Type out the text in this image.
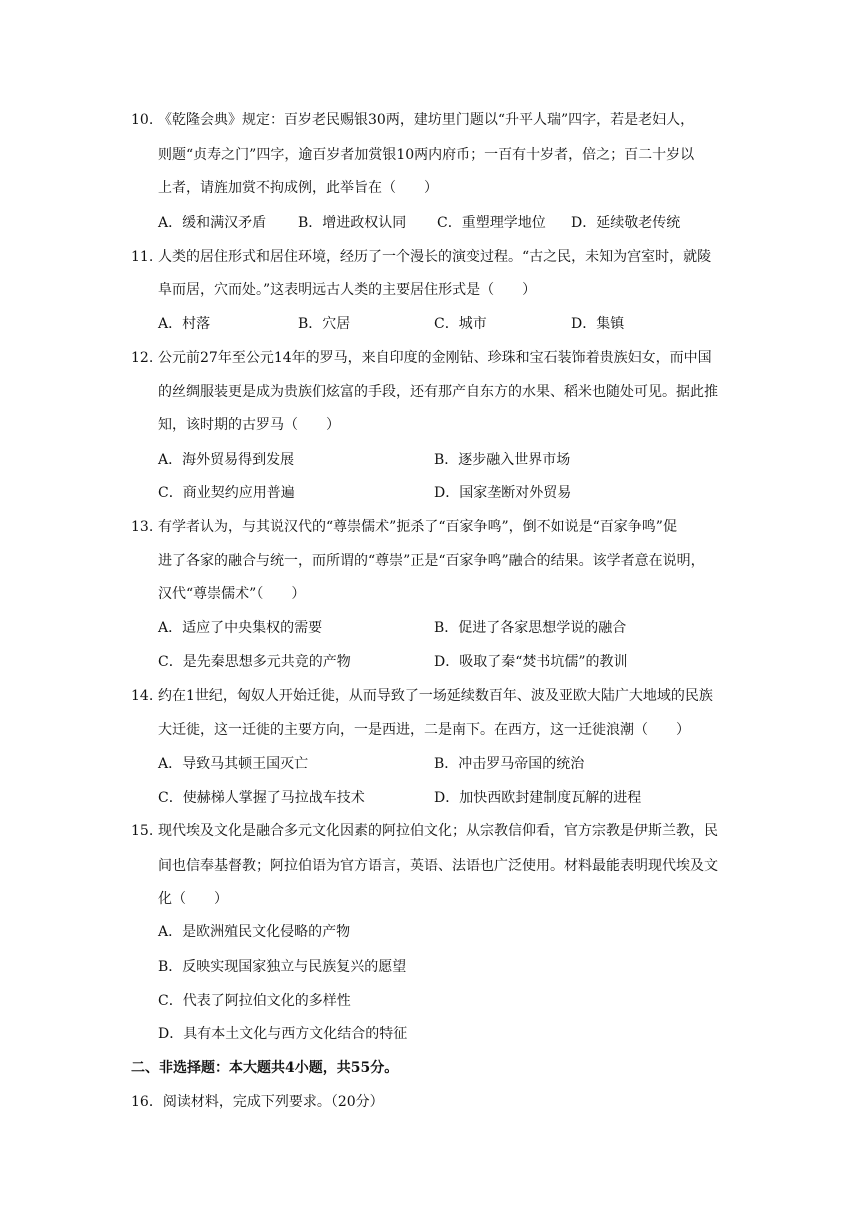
10. 《乾隆会典》规定：百岁老民赐银30两，建坊里门题以“升平人瑞”四字，若是老妇人，
则题“贞寿之门”四字，逾百岁者加赏银10两内府币；一百有十岁者，倍之；百二十岁以
上者，请旌加赏不拘成例，此举旨在（　　）
A．缓和满汉矛盾 B．增进政权认同 C．重塑理学地位 D．延续敬老传统
11. 人类的居住形式和居住环境，经历了一个漫长的演变过程。“古之民，未知为宫室时，就陵
阜而居，穴而处。”这表明远古人类的主要居住形式是（　　）
A．村落	B．穴居	C．城市	D．集镇
12. 公元前27年至公元14年的罗马，来自印度的金刚钻、珍珠和宝石装饰着贵族妇女，而中国
的丝绸服装更是成为贵族们炫富的手段，还有那产自东方的水果、稻米也随处可见。据此推
知，该时期的古罗马（　　）
A．海外贸易得到发展	B．逐步融入世界市场
C．商业契约应用普遍	D．国家垄断对外贸易
13. 有学者认为，与其说汉代的“尊崇儒术”扼杀了“百家争鸣”，倒不如说是“百家争鸣”促
进了各家的融合与统一，而所谓的“尊崇”正是“百家争鸣”融合的结果。该学者意在说明，
汉代“尊崇儒术”（　　）
A．适应了中央集权的需要	B．促进了各家思想学说的融合
C．是先秦思想多元共竞的产物	D．吸取了秦“焚书坑儒”的教训
14. 约在1世纪，匈奴人开始迁徙，从而导致了一场延续数百年、波及亚欧大陆广大地域的民族
大迁徙，这一迁徙的主要方向，一是西进，二是南下。在西方，这一迁徙浪潮（　　）
A．导致马其顿王国灭亡	B．冲击罗马帝国的统治
C．使赫梯人掌握了马拉战车技术	D．加快西欧封建制度瓦解的进程
15. 现代埃及文化是融合多元文化因素的阿拉伯文化；从宗教信仰看，官方宗教是伊斯兰教，民
间也信奉基督教；阿拉伯语为官方语言，英语、法语也广泛使用。材料最能表明现代埃及文
化（　　）
A．是欧洲殖民文化侵略的产物
B．反映实现国家独立与民族复兴的愿望
C．代表了阿拉伯文化的多样性
D．具有本土文化与西方文化结合的特征
二、非选择题：本大题共4小题，共55分。
16．阅读材料，完成下列要求。（20分）
